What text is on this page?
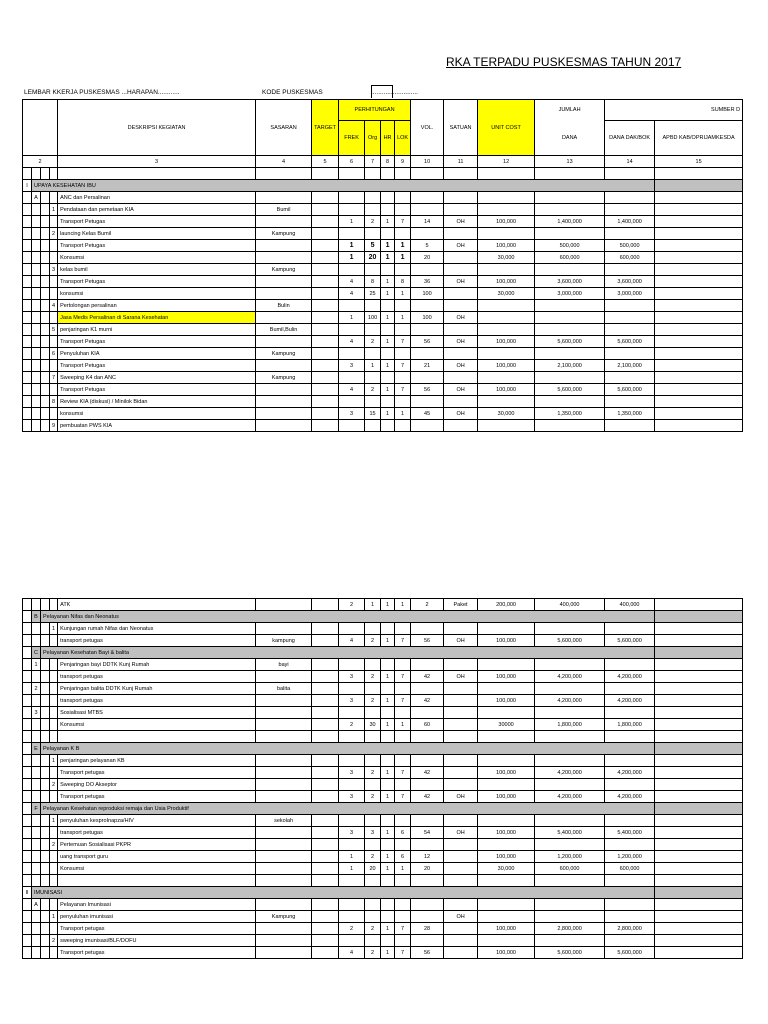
RKA TERPADU PUSKESMAS TAHUN 2017
LEMBAR KKERJA PUSKESMAS ...HARAPAN............	KODE PUSKESMAS	..........................
				DESKRIPSI KEGIATAN	SASARAN	TARGET	PERHITUNGAN				VOL.	SATUAN	UNIT COST	JUMLAH	SUMBER D	
							FREK	Org	HR	LOK				DANA	DANA DAK/BOK	APBD KAB/OPRIJAMKESDA
2				3	4	5	6	7	8	9	10	11	12	13	14	15

I	UPAYA KESEHATAN IBU															
	A			ANC dan Persalinan												
			1	Pendataan dan pemetaan KIA	Bumil											
				Transport Petugas			1	2	1	7	14	OH	100,000	1,400,000	1,400,000	
			2	launcing Kelas Bumil	Kampung											
				Transport Petugas			1	5	1	1	5	OH	100,000	500,000	500,000	
				Konsumsi			1	20	1	1	20		30,000	600,000	600,000	
			3	kelas bumil	Kampung											
				Transport Petugas			4	8	1	8	36	OH	100,000	3,600,000	3,600,000	
				konsumsi			4	25	1	1	100		30,000	3,000,000	3,000,000	
			4	Pertolongan persalinan	Bulin											
				Jasa Medis Persalinan di Sarana Kesehatan			1	100	1	1	100	OH				
			5	penjaringan K1 murni	Bumil,Bulin											
				Transport Petugas			4	2	1	7	56	OH	100,000	5,600,000	5,600,000	
			6	Penyuluhan KIA	Kampung											
				Transport Petugas			3	1	1	7	21	OH	100,000	2,100,000	2,100,000	
			7	Sweeping K4 dan ANC	Kampung											
				Transport Petugas			4	2	1	7	56	OH	100,000	5,600,000	5,600,000	
			8	Review KIA (diskusi) / Minilok Bidan												
				konsumsi			3	15	1	1	45	OH	30,000	1,350,000	1,350,000	
			9	pembuatan PWS KIA												
				ATK			2	1	1	1	2	Paket	200,000	400,000	400,000	
	B	Pelayanan Nifas dan Neonatus														
			1	Kunjungan rumah Nifas dan Neonatus												
				transport petugas	kampung		4	2	1	7	56	OH	100,000	5,600,000	5,600,000	
	C	Pelayanan Kesehatan Bayi & balita														
	1			Penjaringan bayi DDTK Kunj Rumah	bayi											
				transport petugas			3	2	1	7	42	OH	100,000	4,200,000	4,200,000	
	2			Penjaringan balita DDTK Kunj Rumah	balita											
				transport petugas			3	2	1	7	42		100,000	4,200,000	4,200,000	
	3			Sosialisasi MTBS												
				Konsumsi			2	30	1	1	60		30000	1,800,000	1,800,000	

	E	Pelayanan K B														
			1	penjaringan pelayanan KB												
				Transport petugas			3	2	1	7	42		100,000	4,200,000	4,200,000	
			2	Sweeping DO Akseptor												
				Transport petugas			3	2	1	7	42	OH	100,000	4,200,000	4,200,000	
	F	Pelayanan Kesehatan reproduksi remaja dan Usia Produktif														
			1	penyuluhan kesproInapza/HIV	sekolah											
				transport petugas			3	3	1	6	54	OH	100,000	5,400,000	5,400,000	
			2	Pertemuan Sosialisasi PKPR												
				uang transport guru			1	2	1	6	12		100,000	1,200,000	1,200,000	
				Konsumsi			1	20	1	1	20		30,000	600,000	600,000	

II	IMUNISASI															
	A			Pelayanan Imunisasi												
			1	penyuluhan imunisasi	Kampung							OH				
				Transport petugas			2	2	1	7	28		100,000	2,800,000	2,800,000	
			2	sweeping imunisasi/BLF/DOFU												
				Transport petugas			4	2	1	7	56		100,000	5,600,000	5,600,000	
